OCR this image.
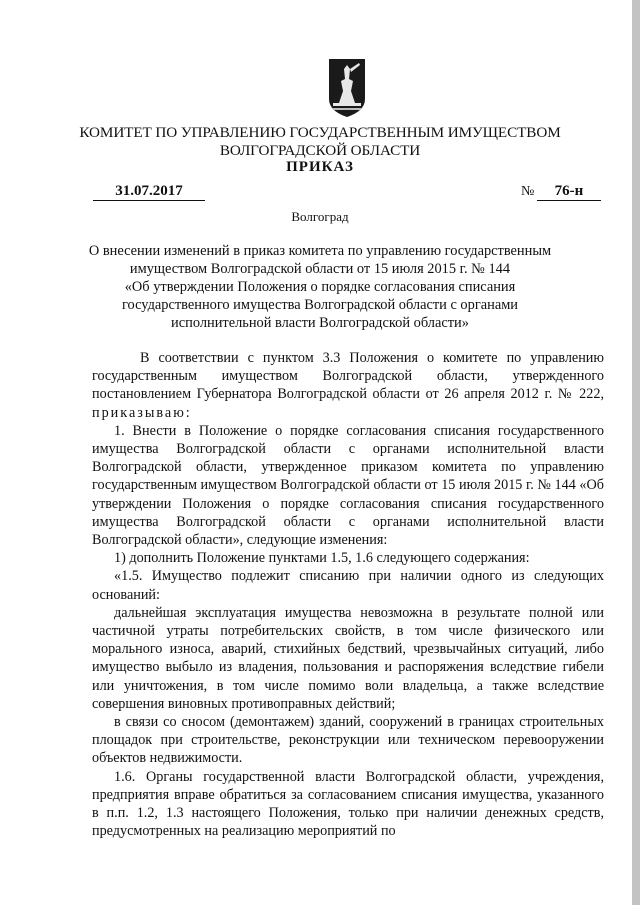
КОМИТЕТ ПО УПРАВЛЕНИЮ ГОСУДАРСТВЕННЫМ ИМУЩЕСТВОМ
ВОЛГОГРАДСКОЙ ОБЛАСТИ
ПРИКАЗ
31.07.2017	№	76-н
Волгоград
О внесении изменений в приказ комитета по управлению государственным
имуществом Волгоградской области от 15 июля 2015 г. № 144
«Об утверждении Положения о порядке согласования списания
государственного имущества Волгоградской области с органами
исполнительной власти Волгоградской области»

В соответствии с пунктом 3.3 Положения о комитете по управлению государственным имуществом Волгоградской области, утвержденного постановлением Губернатора Волгоградской области от 26 апреля 2012 г. № 222, приказываю:

1. Внести в Положение о порядке согласования списания государственного имущества Волгоградской области с органами исполнительной власти Волгоградской области, утвержденное приказом комитета по управлению государственным имуществом Волгоградской области от 15 июля 2015 г. № 144 «Об утверждении Положения о порядке согласования списания государственного имущества Волгоградской области с органами исполнительной власти Волгоградской области», следующие изменения:

1) дополнить Положение пунктами 1.5, 1.6 следующего содержания:

«1.5. Имущество подлежит списанию при наличии одного из следующих оснований:

дальнейшая эксплуатация имущества невозможна в результате полной или частичной утраты потребительских свойств, в том числе физического или морального износа, аварий, стихийных бедствий, чрезвычайных ситуаций, либо имущество выбыло из владения, пользования и распоряжения вследствие гибели или уничтожения, в том числе помимо воли владельца, а также вследствие совершения виновных противоправных действий;

в связи со сносом (демонтажем) зданий, сооружений в границах строительных площадок при строительстве, реконструкции или техническом перевооружении объектов недвижимости.

1.6. Органы государственной власти Волгоградской области, учреждения, предприятия вправе обратиться за согласованием списания имущества, указанного в п.п. 1.2, 1.3 настоящего Положения, только при наличии денежных средств, предусмотренных на реализацию мероприятий по
